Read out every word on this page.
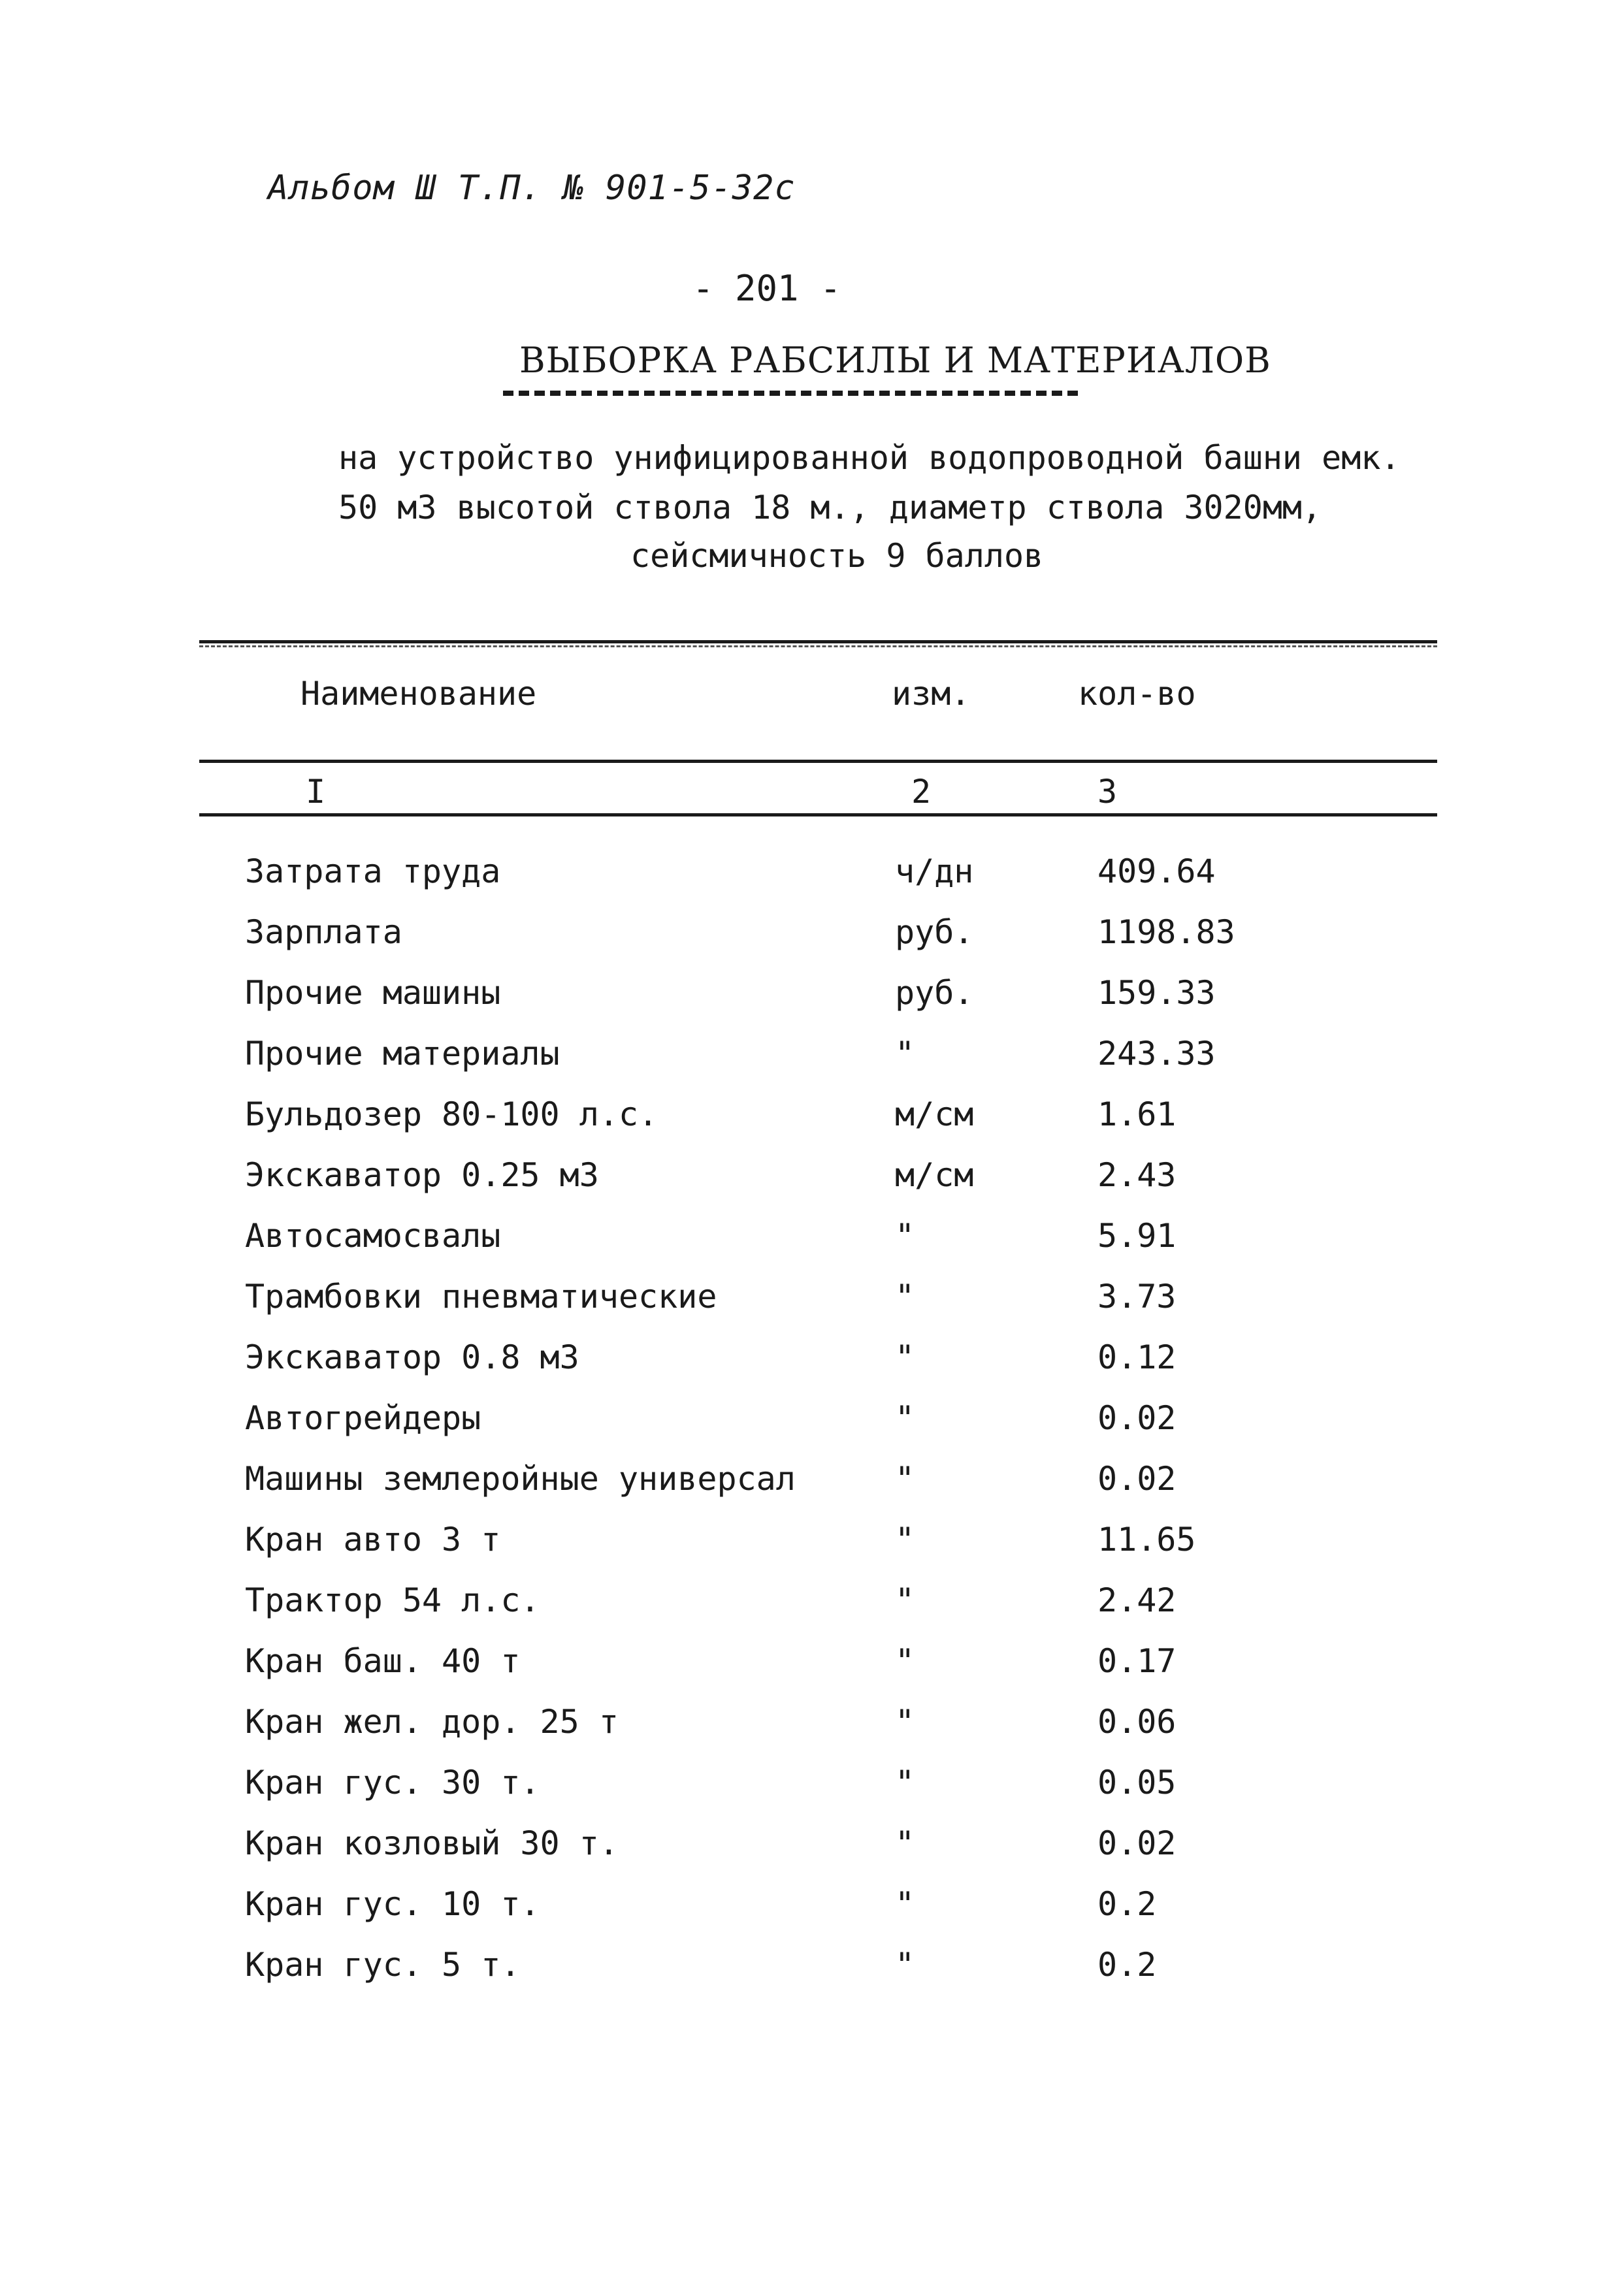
Альбом Ш Т.П. № 901-5-32с
- 201 -
ВЫБОРКА РАБСИЛЫ И МАТЕРИАЛОВ
на устройство унифицированной водопроводной башни емк.
50 м3 высотой ствола 18 м., диаметр ствола 3020мм,
сейсмичность 9 баллов
Наименование	изм.	кол-во
I	2	3
Затрата труда	ч/дн	409.64
Зарплата	руб.	1198.83
Прочие машины	руб.	159.33
Прочие материалы	"	243.33
Бульдозер 80-100 л.с.	м/см	1.61
Экскаватор 0.25 м3	м/см	2.43
Автосамосвалы	"	5.91
Трамбовки пневматические	"	3.73
Экскаватор 0.8 м3	"	0.12
Автогрейдеры	"	0.02
Машины землеройные универсал	"	0.02
Кран авто 3 т	"	11.65
Трактор 54 л.с.	"	2.42
Кран баш. 40 т	"	0.17
Кран жел. дор. 25 т	"	0.06
Кран гус. 30 т.	"	0.05
Кран козловый 30 т.	"	0.02
Кран гус. 10 т.	"	0.2
Кран гус. 5 т.	"	0.2
